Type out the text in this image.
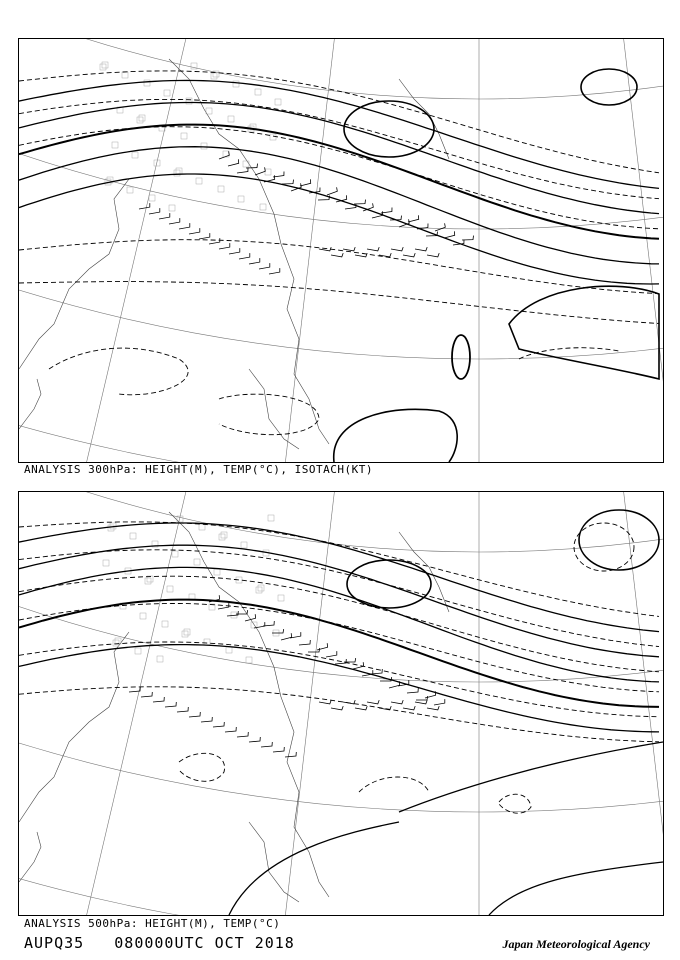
ANALYSIS 300hPa: HEIGHT(M), TEMP(°C), ISOTACH(KT)
ANALYSIS 500hPa: HEIGHT(M), TEMP(°C)
AUPQ35 080000UTC OCT 2018	Japan Meteorological Agency
